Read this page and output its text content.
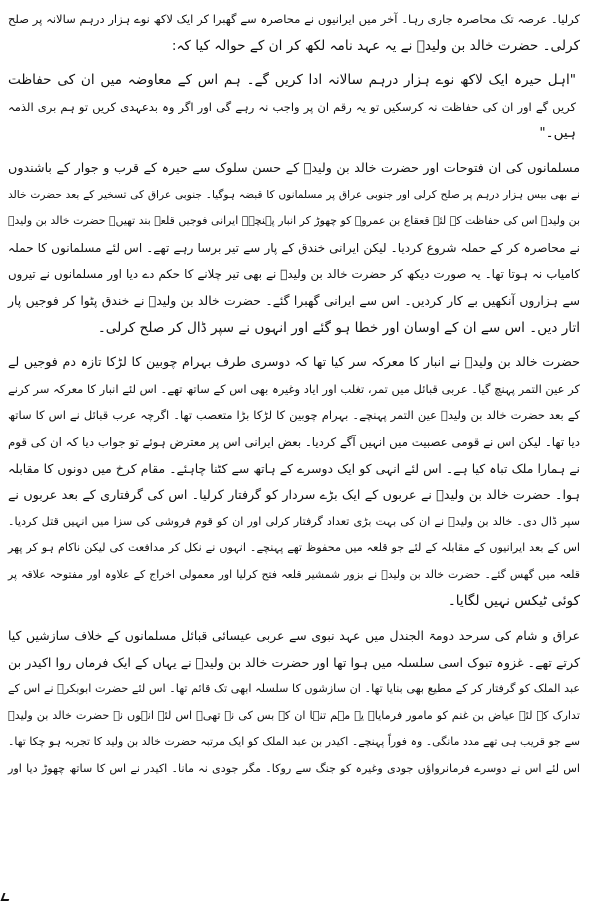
کرلیا۔ عرصہ تک محاصرہ جاری رہا۔ آخر میں ایرانیوں نے محاصرہ سے گھبرا کر ایک لاکھ نوے ہزار درہم سالانہ پر صلح
کرلی۔ حضرت خالد بن ولیدؓ نے یہ عہد نامہ لکھ کر ان کے حوالہ کیا کہ:
"اہل حیرہ ایک لاکھ نوے ہزار درہم سالانہ ادا کریں گے۔ ہم اس کے معاوضہ میں ان کی حفاظت
کریں گے اور ان کی حفاظت نہ کرسکیں تو یہ رقم ان پر واجب نہ رہے گی اور اگر وہ بدعہدی کریں تو ہم بری الذمہ
ہیں۔"
مسلمانوں کی ان فتوحات اور حضرت خالد بن ولیدؓ کے حسن سلوک سے حیرہ کے قرب و جوار کے باشندوں
نے بھی بیس ہزار درہم پر صلح کرلی اور جنوبی عراق پر مسلمانوں کا قبضہ ہوگیا۔ جنوبی عراق کی تسخیر کے بعد حضرت خالد
بن ولیدؓ اس کی حفاظت کے لئے قعقاع بن عمروؓ کو چھوڑ کر انبار پہنچے۔ ایرانی فوجیں قلعہ بند تھیں۔ حضرت خالد بن ولیدؓ
نے محاصرہ کر کے حملہ شروع کردیا۔ لیکن ایرانی خندق کے پار سے تیر برسا رہے تھے۔ اس لئے مسلمانوں کا حملہ
کامیاب نہ ہوتا تھا۔ یہ صورت دیکھ کر حضرت خالد بن ولیدؓ نے بھی تیر چلانے کا حکم دے دیا اور مسلمانوں نے تیروں
سے ہزاروں آنکھیں بے کار کردیں۔ اس سے ایرانی گھبرا گئے۔ حضرت خالد بن ولیدؓ نے خندق پٹوا کر فوجیں پار
اتار دیں۔ اس سے ان کے اوسان اور خطا ہو گئے اور انہوں نے سپر ڈال کر صلح کرلی۔
حضرت خالد بن ولیدؓ نے انبار کا معرکہ سر کیا تھا کہ دوسری طرف بہرام چوبین کا لڑکا تازہ دم فوجیں لے
کر عین التمر پہنچ گیا۔ عربی قبائل میں تمر، تغلب اور ایاد وغیرہ بھی اس کے ساتھ تھے۔ اس لئے انبار کا معرکہ سر کرنے
کے بعد حضرت خالد بن ولیدؓ عین التمر پہنچے۔ بہرام چوبین کا لڑکا بڑا متعصب تھا۔ اگرچہ عرب قبائل نے اس کا ساتھ
دیا تھا۔ لیکن اس نے قومی عصبیت میں انہیں آگے کردیا۔ بعض ایرانی اس پر معترض ہوئے تو جواب دیا کہ ان کی قوم
نے ہمارا ملک تباہ کیا ہے۔ اس لئے انہی کو ایک دوسرے کے ہاتھ سے کٹنا چاہئے۔ مقام کرخ میں دونوں کا مقابلہ
ہوا۔ حضرت خالد بن ولیدؓ نے عربوں کے ایک بڑے سردار کو گرفتار کرلیا۔ اس کی گرفتاری کے بعد عربوں نے
سپر ڈال دی۔ خالد بن ولیدؓ نے ان کی بہت بڑی تعداد گرفتار کرلی اور ان کو قوم فروشی کی سزا میں انہیں قتل کردیا۔
اس کے بعد ایرانیوں کے مقابلہ کے لئے جو قلعہ میں محفوظ تھے پہنچے۔ انہوں نے نکل کر مدافعت کی لیکن ناکام ہو کر پھر
قلعہ میں گھس گئے۔ حضرت خالد بن ولیدؓ نے بزور شمشیر قلعہ فتح کرلیا اور معمولی اخراج کے علاوہ اور مفتوحہ علاقہ پر
کوئی ٹیکس نہیں لگایا۔
عراق و شام کی سرحد دومۃ الجندل میں عہد نبوی سے عربی عیسائی قبائل مسلمانوں کے خلاف سازشیں کیا
کرتے تھے۔ غزوہ تبوک اسی سلسلہ میں ہوا تھا اور حضرت خالد بن ولیدؓ نے یہاں کے ایک فرماں روا اکیدر بن
عبد الملک کو گرفتار کر کے مطیع بھی بنایا تھا۔ ان سازشوں کا سلسلہ ابھی تک قائم تھا۔ اس لئے حضرت ابوبکرؓ نے اس کے
تدارک کے لئے عیاض بن غنم کو مامور فرمایا۔ یہ مہم تنہا ان کے بس کی نہ تھی۔ اس لئے انہوں نے حضرت خالد بن ولیدؓ
سے جو قریب ہی تھے مدد مانگی۔ وہ فوراً پہنچے۔ اکیدر بن عبد الملک کو ایک مرتبہ حضرت خالد بن ولید کا تجربہ ہو چکا تھا۔
اس لئے اس نے دوسرے فرمانرواؤں جودی وغیرہ کو جنگ سے روکا۔ مگر جودی نہ مانا۔ اکیدر نے اس کا ساتھ چھوڑ دیا اور
